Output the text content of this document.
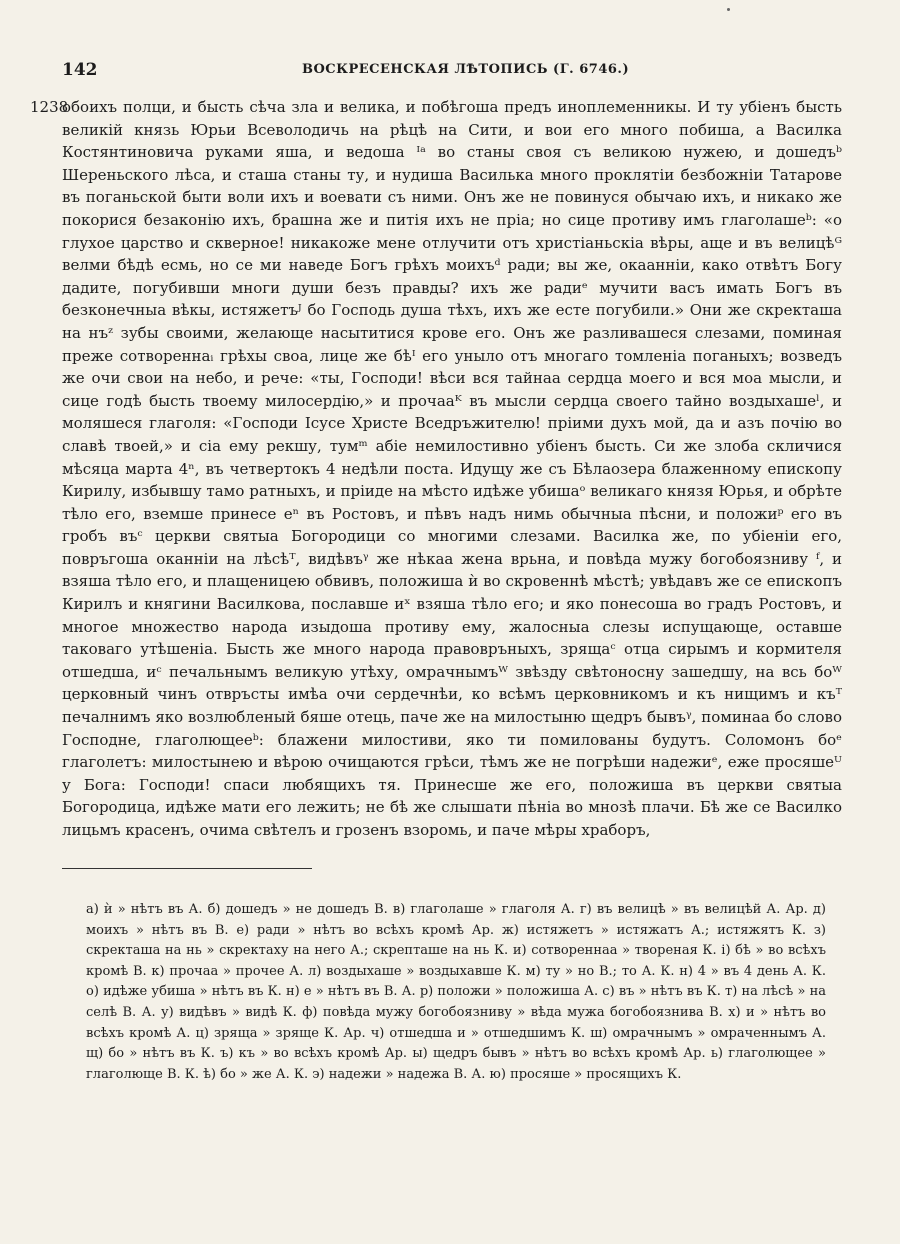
142	ВОСКРЕСЕНСКАЯ ЛѢТОПИСЬ (Г. 6746.)
1238

обоихъ полци, и бысть сѣча зла и велика, и побѣгоша предъ иноплеменникы. И ту убіенъ бысть великій князь Юрьи Всеволодичь на рѣцѣ на Сити, и вои его много побиша, а Василка Костянтиновича руками яша, и ведоша ᴵᵃ во станы своя съ великою нужею, и дошедъᵇ Шереньского лѣса, и сташа станы ту, и нудиша Василька много проклятіи безбожніи Татарове въ поганьской быти воли ихъ и воевати съ ними. Онъ же не повинуся обычаю ихъ, и никако же покорися безаконію ихъ, брашна же и питія ихъ не пріа; но сице противу имъ глаголашеᵇ: «о глухое царство и скверное! никакоже мене отлучити отъ христіаньскіа вѣры, аще и въ велицѣᴳ велми бѣдѣ есмь, но се ми наведе Богъ грѣхъ моихъᵈ ради; вы же, окаанніи, како отвѣтъ Богу дадите, погубивши многи души безъ правды? ихъ же радиᵉ мучити васъ имать Богъ въ безконечныа вѣкы, истяжетъᴶ бо Господь душа тѣхъ, ихъ же есте погубили.» Они же скректаша на нъᶻ зубы своими, желающе насытитися крове его. Онъ же разливашеся слезами, поминая преже сотвореннаᵢ грѣхы своа, лице же бѣᴵ его уныло отъ многаго томленіа поганыхъ; возведъ же очи свои на небо, и рече: «ты, Господи! вѣси вся тайнаа сердца моего и вся моа мысли, и сице годѣ бысть твоему милосердію,» и прочааᴷ въ мысли сердца своего тайно воздыхашеˡ, и моляшеся глаголя: «Господи Ісусе Христе Вседръжителю! пріими духъ мой, да и азъ почію во славѣ твоей,» и сіа ему рекшу, тумᵐ абіе немилостивно убіенъ бысть. Си же злоба скличися мѣсяца марта 4ⁿ, въ четвертокъ 4 недѣли поста. Идущу же съ Бѣлаозера блаженному епископу Кирилу, избывшу тамо ратныхъ, и пріиде на мѣсто идѣже убишаᵒ великаго князя Юрья, и обрѣте тѣло его, вземше принесе еⁿ въ Ростовъ, и пѣвъ надъ нимь обычныа пѣсни, и положиᵖ его въ гробъ въᶜ церкви святыа Богородици со многими слезами. Василка же, по убіеніи его, повръгоша оканніи на лѣсѣᵀ, видѣвъᵞ же нѣкаа жена врьна, и повѣда мужу богобоязниву ᶠ, и взяша тѣло его, и плащеницею обвивъ, положиша ѝ во скровеннѣ мѣстѣ; увѣдавъ же се епископъ Кирилъ и княгини Василкова, пославше иˣ взяша тѣло его; и яко понесоша во градъ Ростовъ, и многое множество народа изыдоша противу ему, жалосныа слезы испущающе, оставше таковаго утѣшеніа. Бысть же много народа правовръныхъ, зрящаᶜ отца сирымъ и кормителя отшедша, иᶜ печальнымъ великую утѣху, омрачнымъᵂ звѣзду свѣтоносну зашедшу, на всь боᵂ церковный чинъ отвръсты имѣа очи сердечнѣи, ко всѣмъ церковникомъ и къ нищимъ и къᵀ печалнимъ яко возлюбленый бяше отець, паче же на милостыню щедръ бывъᵞ, поминаа бо слово Господне, глаголющееᵇ: блажени милостиви, яко ти помилованы будутъ. Соломонъ боᵉ глаголетъ: милостынею и вѣрою очищаются грѣси, тѣмъ же не погрѣши надежиᵉ, еже просяшеᵁ у Бога: Господи! спаси любящихъ тя. Принесше же его, положиша въ церкви святыа Богородица, идѣже мати его лежить; не бѣ же слышати пѣніа во мнозѣ плачи. Бѣ же се Василко лицьмъ красенъ, очима свѣтелъ и грозенъ взоромь, и паче мѣры храборъ,

а) ѝ » нѣтъ въ А. б) дошедъ » не дошедъ В. в) глаголаше » глаголя А. г) въ велицѣ » въ велицѣй А. Ар. д) моихъ » нѣтъ въ В. е) ради » нѣтъ во всѣхъ кромѣ Ар. ж) истяжетъ » истяжатъ А.; истяжятъ К. з) скректаша на нь » скректаху на него А.; скрепташе на нь К. и) сотвореннаа » твореная К. і) бѣ » во всѣхъ кромѣ В. к) прочаа » прочее А. л) воздыхаше » воздыхавше К. м) ту » но В.; то А. К. н) 4 » въ 4 день А. К. о) идѣже убиша » нѣтъ въ К. н) е » нѣтъ въ В. А. р) положи » положиша А. с) въ » нѣтъ въ К. т) на лѣсѣ » на селѣ В. А. у) видѣвъ » видѣ К. ф) повѣда мужу богобоязниву » вѣда мужа богобоязнива В. х) и » нѣтъ во всѣхъ кромѣ А. ц) зряща » зряще К. Ар. ч) отшедша и » отшедшимъ К. ш) омрачнымъ » омраченнымъ А. щ) бо » нѣтъ въ К. ъ) къ » во всѣхъ кромѣ Ар. ы) щедръ бывъ » нѣтъ во всѣхъ кромѣ Ар. ь) глаголющее » глаголюще В. К. ѣ) бо » же А. К. э) надежи » надежа В. А. ю) просяше » просящихъ К.
